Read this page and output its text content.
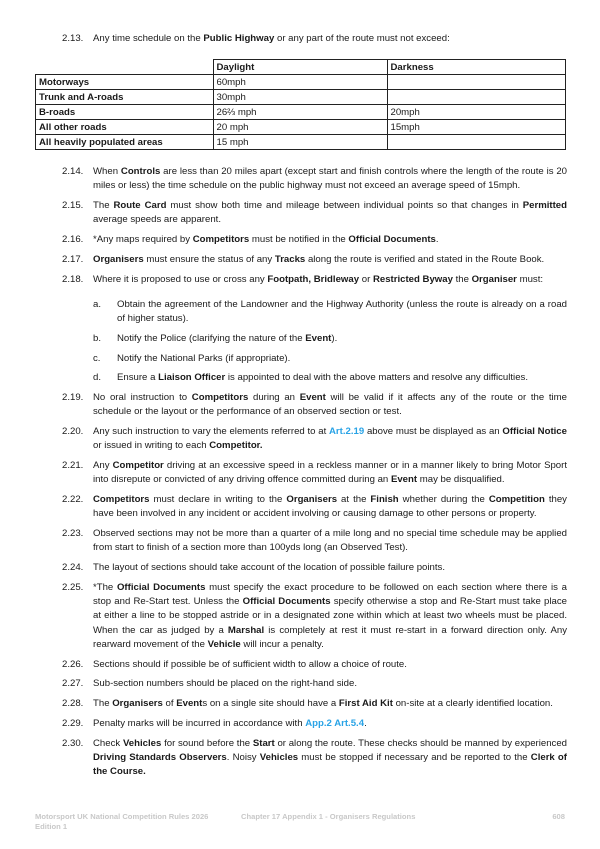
2.13. Any time schedule on the Public Highway or any part of the route must not exceed:
	Daylight	Darkness
Motorways	60mph	
Trunk and A-roads	30mph	
B-roads	26⅔ mph	20mph
All other roads	20 mph	15mph
All heavily populated areas	15 mph	
2.14.	When Controls are less than 20 miles apart (except start and finish controls where the length of the route is 20 miles or less) the time schedule on the public highway must not exceed an average speed of 15mph.
2.15.	The Route Card must show both time and mileage between individual points so that changes in Permitted average speeds are apparent.
2.16.	*Any maps required by Competitors must be notified in the Official Documents.
2.17.	Organisers must ensure the status of any Tracks along the route is verified and stated in the Route Book.
2.18.	Where it is proposed to use or cross any Footpath, Bridleway or Restricted Byway the Organiser must:
a.	Obtain the agreement of the Landowner and the Highway Authority (unless the route is already on a road of higher status).
b.	Notify the Police (clarifying the nature of the Event).
c.	Notify the National Parks (if appropriate).
d.	Ensure a Liaison Officer is appointed to deal with the above matters and resolve any difficulties.
2.19.	No oral instruction to Competitors during an Event will be valid if it affects any of the route or the time schedule or the layout or the performance of an observed section or test.
2.20.	Any such instruction to vary the elements referred to at Art.2.19 above must be displayed as an Official Notice or issued in writing to each Competitor.
2.21.	Any Competitor driving at an excessive speed in a reckless manner or in a manner likely to bring Motor Sport into disrepute or convicted of any driving offence committed during an Event may be disqualified.
2.22.	Competitors must declare in writing to the Organisers at the Finish whether during the Competition they have been involved in any incident or accident involving or causing damage to other persons or property.
2.23.	Observed sections may not be more than a quarter of a mile long and no special time schedule may be applied from start to finish of a section more than 100yds long (an Observed Test).
2.24.	The layout of sections should take account of the location of possible failure points.
2.25.	*The Official Documents must specify the exact procedure to be followed on each section where there is a stop and Re-Start test. Unless the Official Documents specify otherwise a stop and Re-Start must take place at either a line to be stopped astride or in a designated zone within which at least two wheels must be placed. When the car as judged by a Marshal is completely at rest it must re-start in a forward direction only. Any rearward movement of the Vehicle will incur a penalty.
2.26.	Sections should if possible be of sufficient width to allow a choice of route.
2.27.	Sub-section numbers should be placed on the right-hand side.
2.28.	The Organisers of Events on a single site should have a First Aid Kit on-site at a clearly identified location.
2.29.	Penalty marks will be incurred in accordance with App.2 Art.5.4.
2.30.	Check Vehicles for sound before the Start or along the route. These checks should be manned by experienced Driving Standards Observers. Noisy Vehicles must be stopped if necessary and be reported to the Clerk of the Course.
Motorsport UK National Competition Rules 2026
Edition 1
Chapter 17 Appendix 1 - Organisers Regulations	608
